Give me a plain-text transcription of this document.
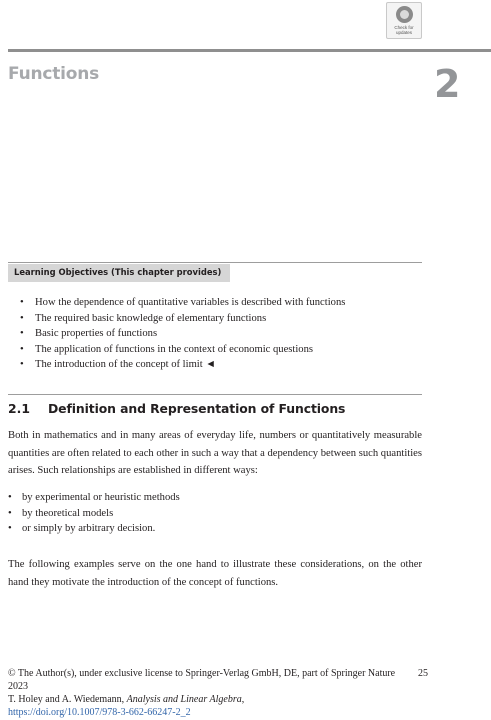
Check for updates
Functions	2
Learning Objectives (This chapter provides)
• How the dependence of quantitative variables is described with functions
• The required basic knowledge of elementary functions
• Basic properties of functions
• The application of functions in the context of economic questions
• The introduction of the concept of limit ◄
2.1 Definition and Representation of Functions
Both in mathematics and in many areas of everyday life, numbers or quantitatively measurable quantities are often related to each other in such a way that a dependency between such quantities arises. Such relationships are established in different ways:
• by experimental or heuristic methods
• by theoretical models
• or simply by arbitrary decision.
The following examples serve on the one hand to illustrate these considerations, on the other hand they motivate the introduction of the concept of functions.
© The Author(s), under exclusive license to Springer-Verlag GmbH, DE, part of Springer Nature 2023
25
T. Holey and A. Wiedemann, Analysis and Linear Algebra,
https://doi.org/10.1007/978-3-662-66247-2_2
